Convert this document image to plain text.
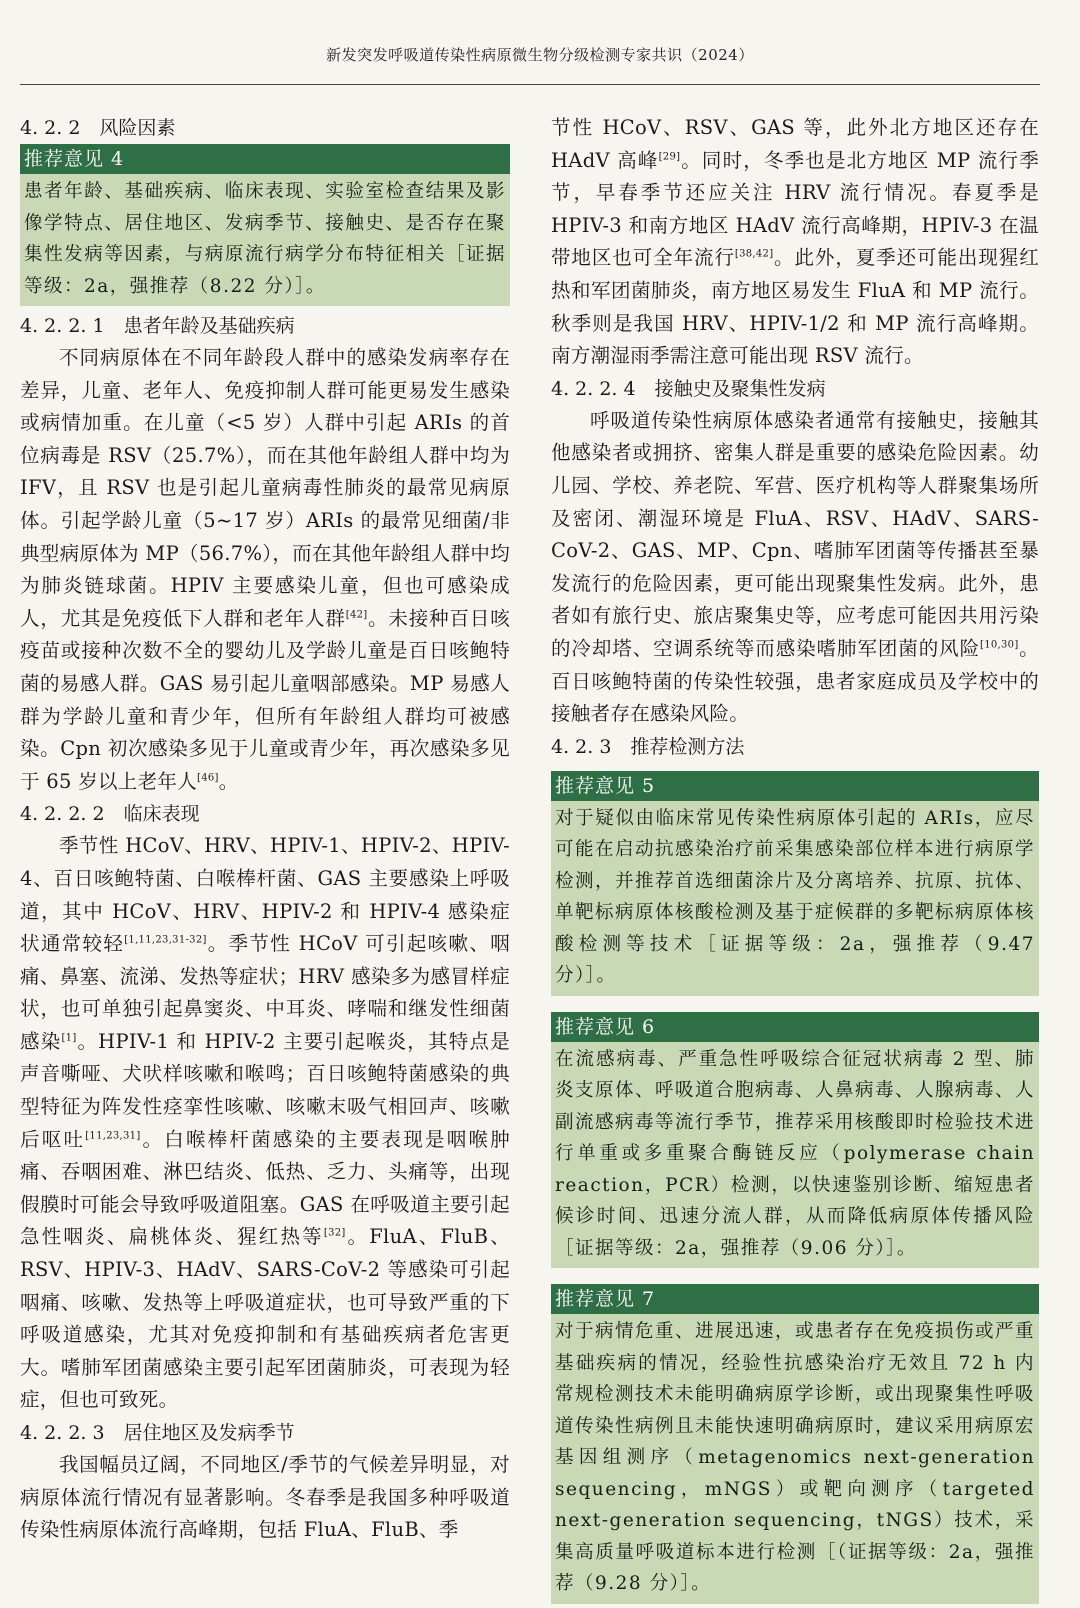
新发突发呼吸道传染性病原微生物分级检测专家共识（2024）
4. 2. 2　风险因素
推荐意见 4
患者年龄、基础疾病、临床表现、实验室检查结果及影像学特点、居住地区、发病季节、接触史、是否存在聚集性发病等因素，与病原流行病学分布特征相关［证据等级：2a，强推荐（8.22 分）］。
4. 2. 2. 1　患者年龄及基础疾病

不同病原体在不同年龄段人群中的感染发病率存在差异，儿童、老年人、免疫抑制人群可能更易发生感染或病情加重。在儿童（<5 岁）人群中引起 ARIs 的首位病毒是 RSV（25.7%），而在其他年龄组人群中均为 IFV，且 RSV 也是引起儿童病毒性肺炎的最常见病原体。引起学龄儿童（5~17 岁）ARIs 的最常见细菌/非典型病原体为 MP（56.7%），而在其他年龄组人群中均为肺炎链球菌。HPIV 主要感染儿童，但也可感染成人，尤其是免疫低下人群和老年人群[42]。未接种百日咳疫苗或接种次数不全的婴幼儿及学龄儿童是百日咳鲍特菌的易感人群。GAS 易引起儿童咽部感染。MP 易感人群为学龄儿童和青少年，但所有年龄组人群均可被感染。Cpn 初次感染多见于儿童或青少年，再次感染多见于 65 岁以上老年人[46]。

4. 2. 2. 2　临床表现

季节性 HCoV、HRV、HPIV-1、HPIV-2、HPIV-4、百日咳鲍特菌、白喉棒杆菌、GAS 主要感染上呼吸道，其中 HCoV、HRV、HPIV-2 和 HPIV-4 感染症状通常较轻[1,11,23,31-32]。季节性 HCoV 可引起咳嗽、咽痛、鼻塞、流涕、发热等症状；HRV 感染多为感冒样症状，也可单独引起鼻窦炎、中耳炎、哮喘和继发性细菌感染[1]。HPIV-1 和 HPIV-2 主要引起喉炎，其特点是声音嘶哑、犬吠样咳嗽和喉鸣；百日咳鲍特菌感染的典型特征为阵发性痉挛性咳嗽、咳嗽末吸气相回声、咳嗽后呕吐[11,23,31]。白喉棒杆菌感染的主要表现是咽喉肿痛、吞咽困难、淋巴结炎、低热、乏力、头痛等，出现假膜时可能会导致呼吸道阻塞。GAS 在呼吸道主要引起急性咽炎、扁桃体炎、猩红热等[32]。FluA、FluB、RSV、HPIV-3、HAdV、SARS-CoV-2 等感染可引起咽痛、咳嗽、发热等上呼吸道症状，也可导致严重的下呼吸道感染，尤其对免疫抑制和有基础疾病者危害更大。嗜肺军团菌感染主要引起军团菌肺炎，可表现为轻症，但也可致死。

4. 2. 2. 3　居住地区及发病季节

我国幅员辽阔，不同地区/季节的气候差异明显，对病原体流行情况有显著影响。冬春季是我国多种呼吸道传染性病原体流行高峰期，包括 FluA、FluB、季

节性 HCoV、RSV、GAS 等，此外北方地区还存在 HAdV 高峰[29]。同时，冬季也是北方地区 MP 流行季节，早春季节还应关注 HRV 流行情况。春夏季是 HPIV-3 和南方地区 HAdV 流行高峰期，HPIV-3 在温带地区也可全年流行[38,42]。此外，夏季还可能出现猩红热和军团菌肺炎，南方地区易发生 FluA 和 MP 流行。秋季则是我国 HRV、HPIV-1/2 和 MP 流行高峰期。南方潮湿雨季需注意可能出现 RSV 流行。

4. 2. 2. 4　接触史及聚集性发病

呼吸道传染性病原体感染者通常有接触史，接触其他感染者或拥挤、密集人群是重要的感染危险因素。幼儿园、学校、养老院、军营、医疗机构等人群聚集场所及密闭、潮湿环境是 FluA、RSV、HAdV、SARS-CoV-2、GAS、MP、Cpn、嗜肺军团菌等传播甚至暴发流行的危险因素，更可能出现聚集性发病。此外，患者如有旅行史、旅店聚集史等，应考虑可能因共用污染的冷却塔、空调系统等而感染嗜肺军团菌的风险[10,30]。百日咳鲍特菌的传染性较强，患者家庭成员及学校中的接触者存在感染风险。

4. 2. 3　推荐检测方法
推荐意见 5
对于疑似由临床常见传染性病原体引起的 ARIs，应尽可能在启动抗感染治疗前采集感染部位样本进行病原学检测，并推荐首选细菌涂片及分离培养、抗原、抗体、单靶标病原体核酸检测及基于症候群的多靶标病原体核酸检测等技术［证据等级：2a，强推荐（9.47 分）］。
推荐意见 6
在流感病毒、严重急性呼吸综合征冠状病毒 2 型、肺炎支原体、呼吸道合胞病毒、人鼻病毒、人腺病毒、人副流感病毒等流行季节，推荐采用核酸即时检验技术进行单重或多重聚合酶链反应（polymerase chain reaction，PCR）检测，以快速鉴别诊断、缩短患者候诊时间、迅速分流人群，从而降低病原体传播风险［证据等级：2a，强推荐（9.06 分）］。
推荐意见 7
对于病情危重、进展迅速，或患者存在免疫损伤或严重基础疾病的情况，经验性抗感染治疗无效且 72 h 内常规检测技术未能明确病原学诊断，或出现聚集性呼吸道传染性病例且未能快速明确病原时，建议采用病原宏基因组测序（metagenomics next-generation sequencing，mNGS）或靶向测序（targeted next-generation sequencing，tNGS）技术，采集高质量呼吸道标本进行检测［（证据等级：2a，强推荐（9.28 分）］。
